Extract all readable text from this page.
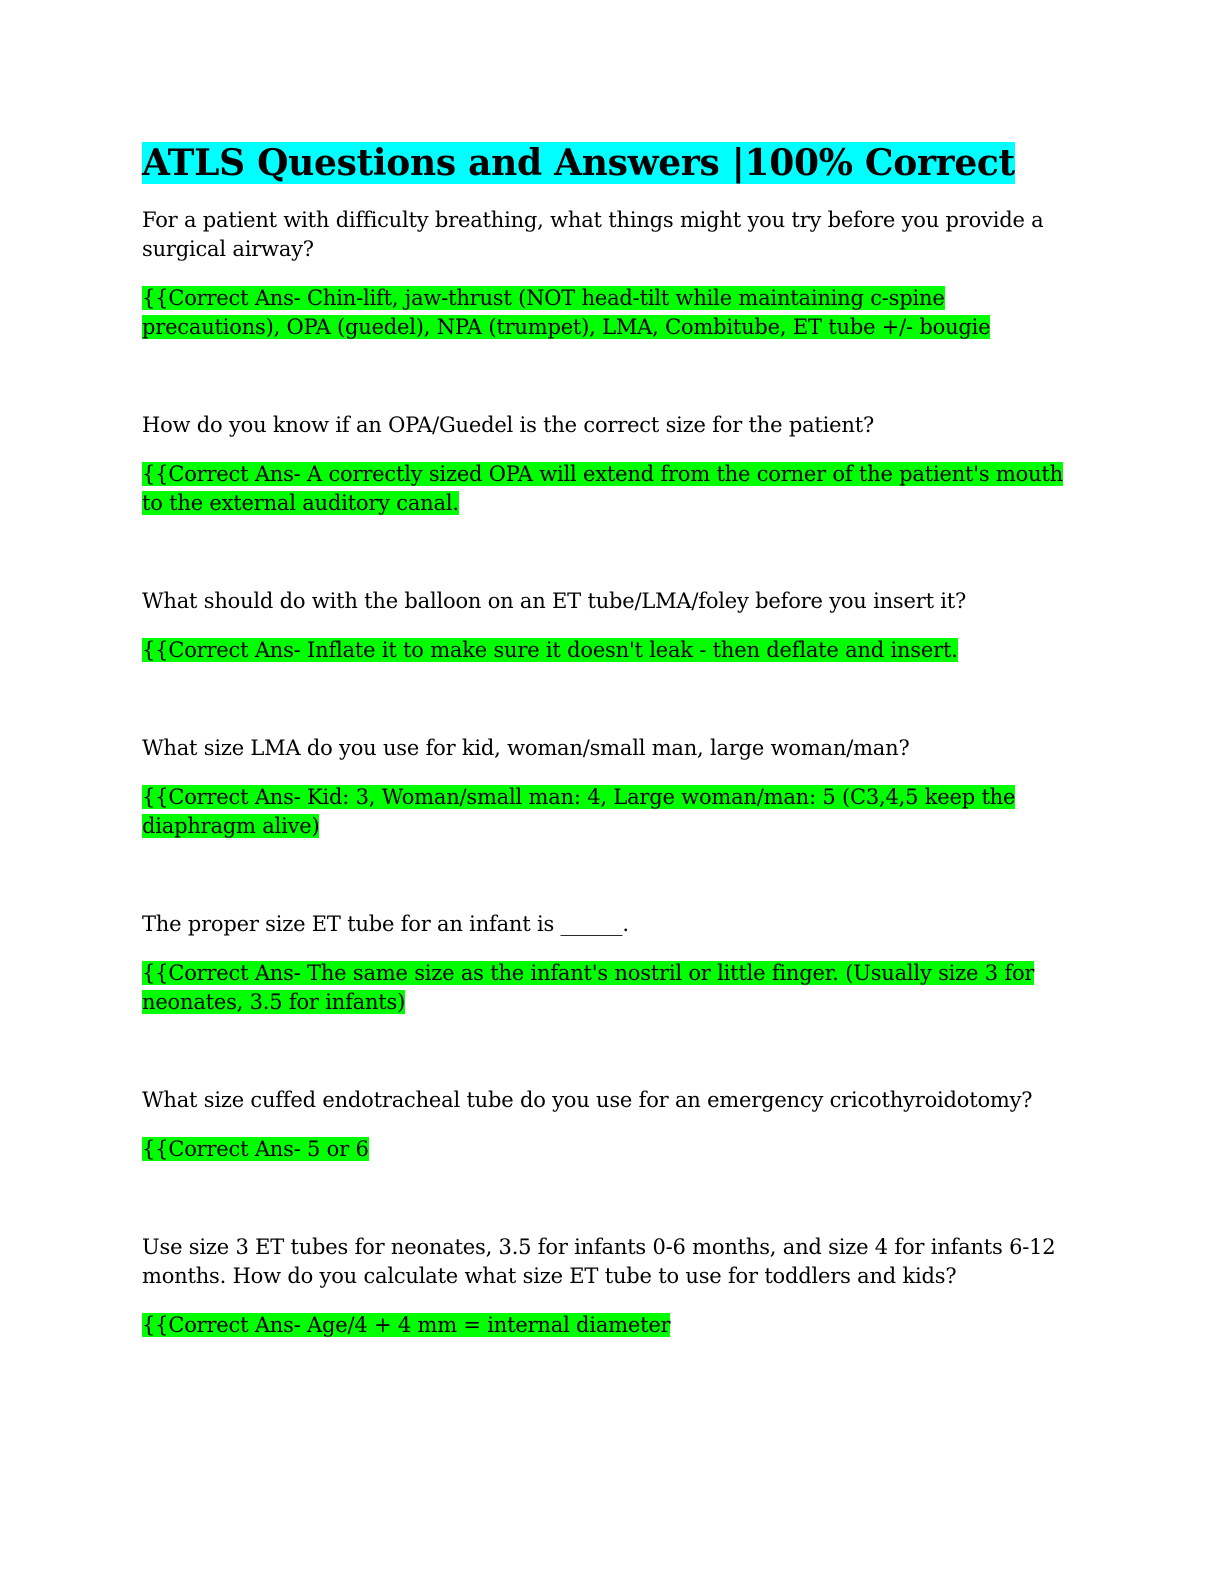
ATLS Questions and Answers |100% Correct

For a patient with difficulty breathing, what things might you try before you provide a surgical airway?

{{Correct Ans- Chin-lift, jaw-thrust (NOT head-tilt while maintaining c-spine precautions), OPA (guedel), NPA (trumpet), LMA, Combitube, ET tube +/- bougie

How do you know if an OPA/Guedel is the correct size for the patient?

{{Correct Ans- A correctly sized OPA will extend from the corner of the patient's mouth to the external auditory canal.

What should do with the balloon on an ET tube/LMA/foley before you insert it?

{{Correct Ans- Inflate it to make sure it doesn't leak - then deflate and insert.

What size LMA do you use for kid, woman/small man, large woman/man?

{{Correct Ans- Kid: 3, Woman/small man: 4, Large woman/man: 5 (C3,4,5 keep the diaphragm alive)

The proper size ET tube for an infant is ______.

{{Correct Ans- The same size as the infant's nostril or little finger. (Usually size 3 for neonates, 3.5 for infants)

What size cuffed endotracheal tube do you use for an emergency cricothyroidotomy?

{{Correct Ans- 5 or 6

Use size 3 ET tubes for neonates, 3.5 for infants 0-6 months, and size 4 for infants 6-12 months. How do you calculate what size ET tube to use for toddlers and kids?

{{Correct Ans- Age/4 + 4 mm = internal diameter
